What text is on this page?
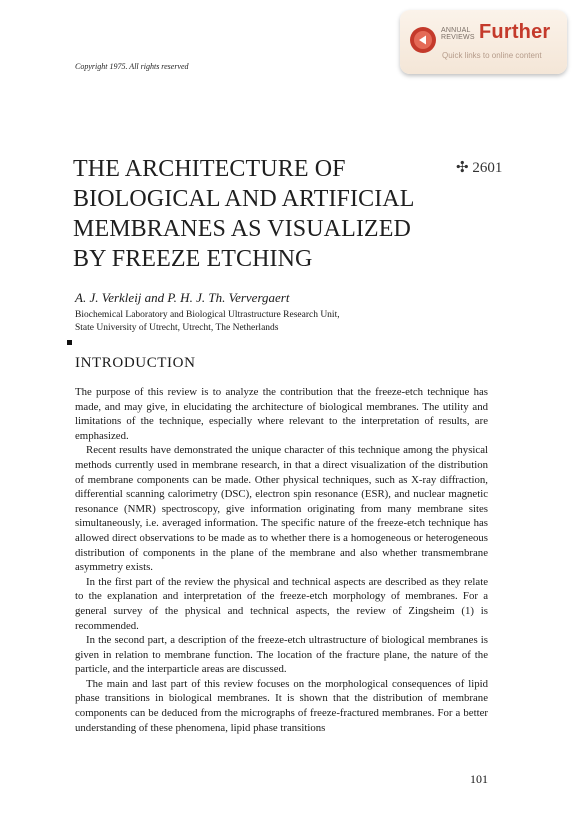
ANNUAL
REVIEWS Further
Quick links to online content
Copyright 1975. All rights reserved
THE ARCHITECTURE OF
BIOLOGICAL AND ARTIFICIAL
MEMBRANES AS VISUALIZED
BY FREEZE ETCHING
✣ 2601
A. J. Verkleij and P. H. J. Th. Ververgaert
Biochemical Laboratory and Biological Ultrastructure Research Unit,
State University of Utrecht, Utrecht, The Netherlands
INTRODUCTION

The purpose of this review is to analyze the contribution that the freeze-etch technique has made, and may give, in elucidating the architecture of biological membranes. The utility and limitations of the technique, especially where relevant to the interpretation of results, are emphasized.

Recent results have demonstrated the unique character of this technique among the physical methods currently used in membrane research, in that a direct visualization of the distribution of membrane components can be made. Other physical techniques, such as X-ray diffraction, differential scanning calorimetry (DSC), electron spin resonance (ESR), and nuclear magnetic resonance (NMR) spectroscopy, give information originating from many membrane sites simultaneously, i.e. averaged information. The specific nature of the freeze-etch technique has allowed direct observations to be made as to whether there is a homogeneous or heterogeneous distribution of components in the plane of the membrane and also whether transmembrane asymmetry exists.

In the first part of the review the physical and technical aspects are described as they relate to the explanation and interpretation of the freeze-etch morphology of membranes. For a general survey of the physical and technical aspects, the review of Zingsheim (1) is recommended.

In the second part, a description of the freeze-etch ultrastructure of biological membranes is given in relation to membrane function. The location of the fracture plane, the nature of the particle, and the interparticle areas are discussed.

The main and last part of this review focuses on the morphological consequences of lipid phase transitions in biological membranes. It is shown that the distribution of membrane components can be deduced from the micrographs of freeze-fractured membranes. For a better understanding of these phenomena, lipid phase transitions

101
